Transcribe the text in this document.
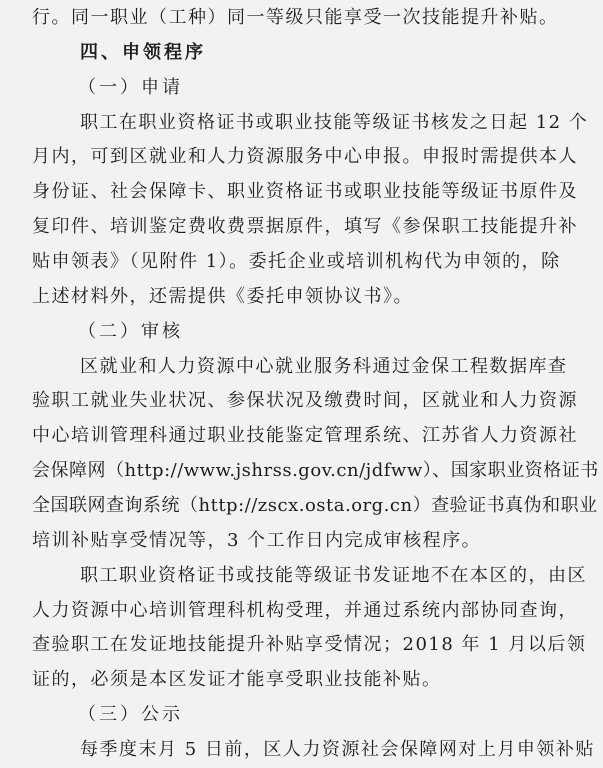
行。同一职业（工种）同一等级只能享受一次技能提升补贴。
四、申领程序
（一）申请
职工在职业资格证书或职业技能等级证书核发之日起 12 个
月内，可到区就业和人力资源服务中心申报。申报时需提供本人
身份证、社会保障卡、职业资格证书或职业技能等级证书原件及
复印件、培训鉴定费收费票据原件，填写《参保职工技能提升补
贴申领表》（见附件 1）。委托企业或培训机构代为申领的，除
上述材料外，还需提供《委托申领协议书》。
（二）审核
区就业和人力资源中心就业服务科通过金保工程数据库查
验职工就业失业状况、参保状况及缴费时间，区就业和人力资源
中心培训管理科通过职业技能鉴定管理系统、江苏省人力资源社
会保障网（http://www.jshrss.gov.cn/jdfww）、国家职业资格证书
全国联网查询系统（http://zscx.osta.org.cn）查验证书真伪和职业
培训补贴享受情况等，3 个工作日内完成审核程序。
职工职业资格证书或技能等级证书发证地不在本区的，由区
人力资源中心培训管理科机构受理，并通过系统内部协同查询，
查验职工在发证地技能提升补贴享受情况；2018 年 1 月以后领
证的，必须是本区发证才能享受职业技能补贴。
（三）公示
每季度末月 5 日前，区人力资源社会保障网对上月申领补贴
